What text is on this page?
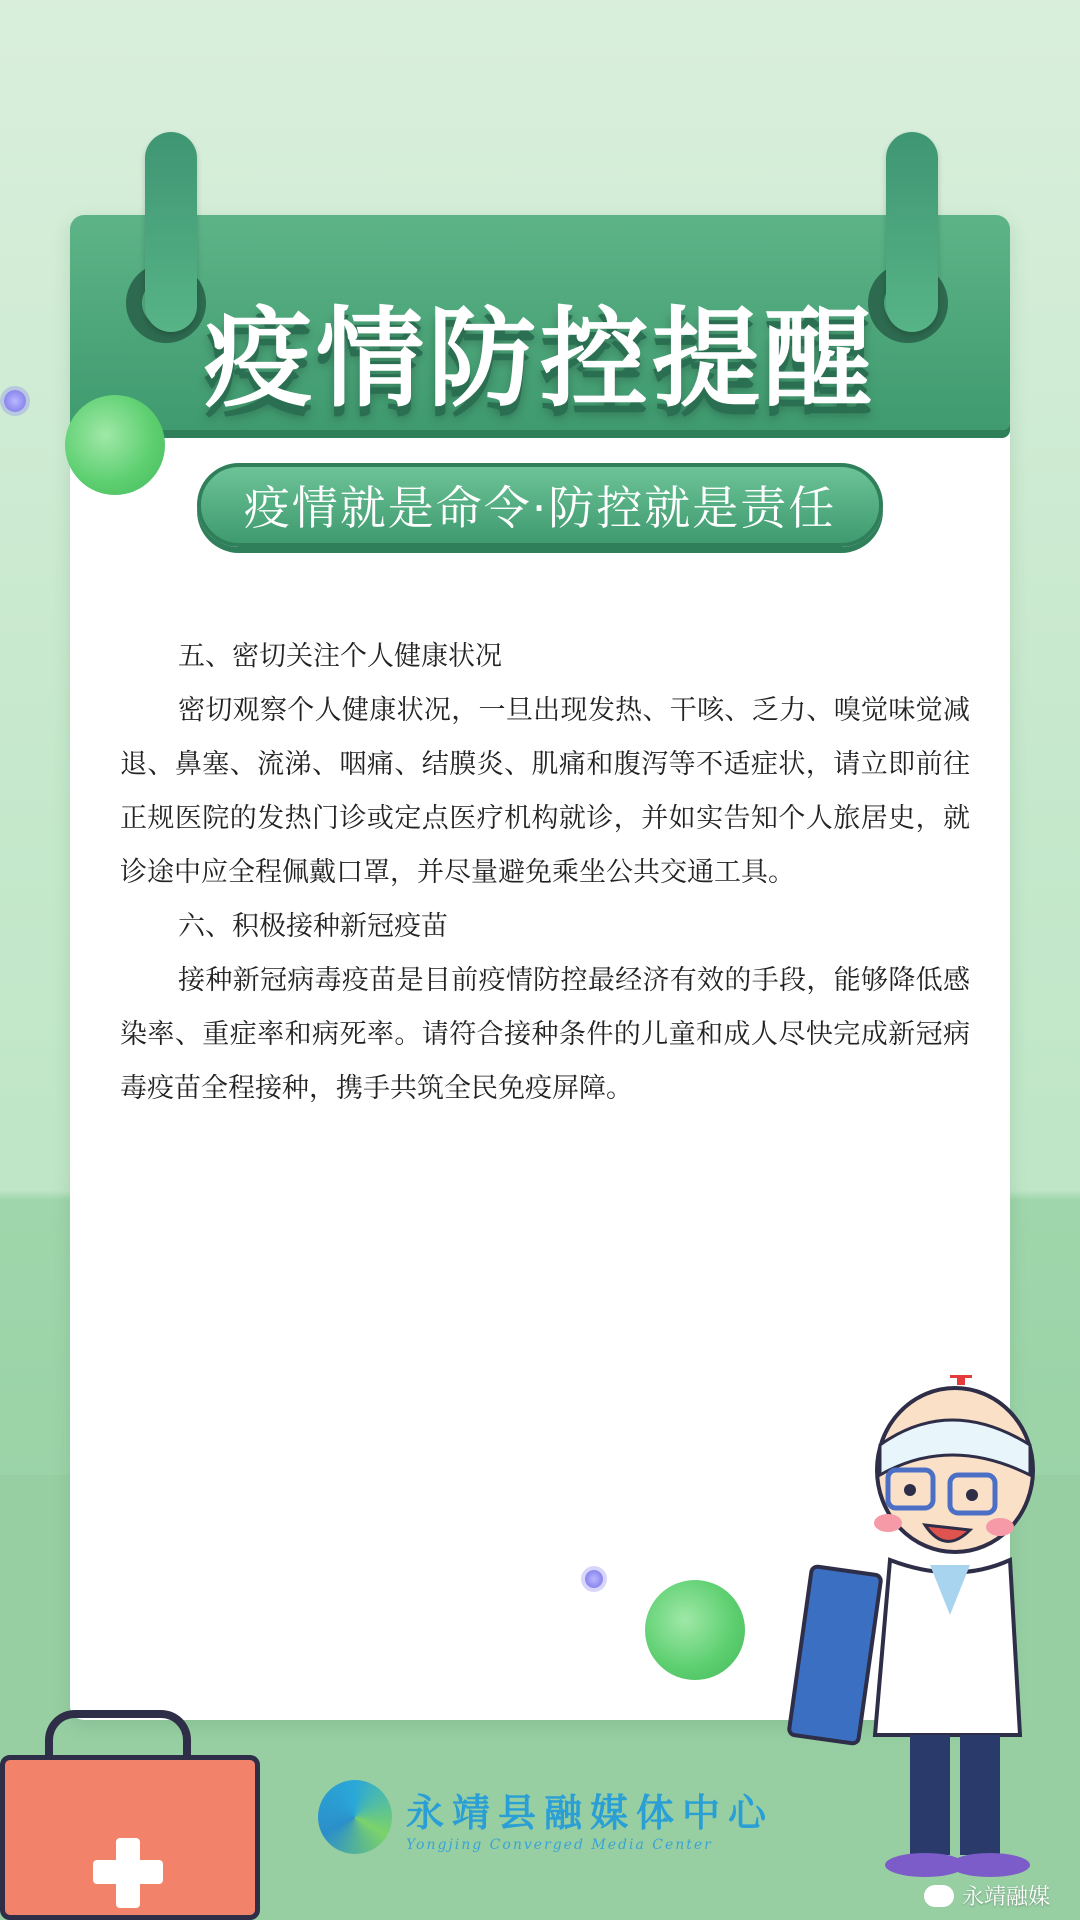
疫情防控提醒
疫情就是命令·防控就是责任

五、密切关注个人健康状况

密切观察个人健康状况，一旦出现发热、干咳、乏力、嗅觉味觉减退、鼻塞、流涕、咽痛、结膜炎、肌痛和腹泻等不适症状，请立即前往正规医院的发热门诊或定点医疗机构就诊，并如实告知个人旅居史，就诊途中应全程佩戴口罩，并尽量避免乘坐公共交通工具。

六、积极接种新冠疫苗

接种新冠病毒疫苗是目前疫情防控最经济有效的手段，能够降低感染率、重症率和病死率。请符合接种条件的儿童和成人尽快完成新冠病毒疫苗全程接种，携手共筑全民免疫屏障。

永靖县融媒体中心
Yongjing Converged Media Center
永靖融媒
